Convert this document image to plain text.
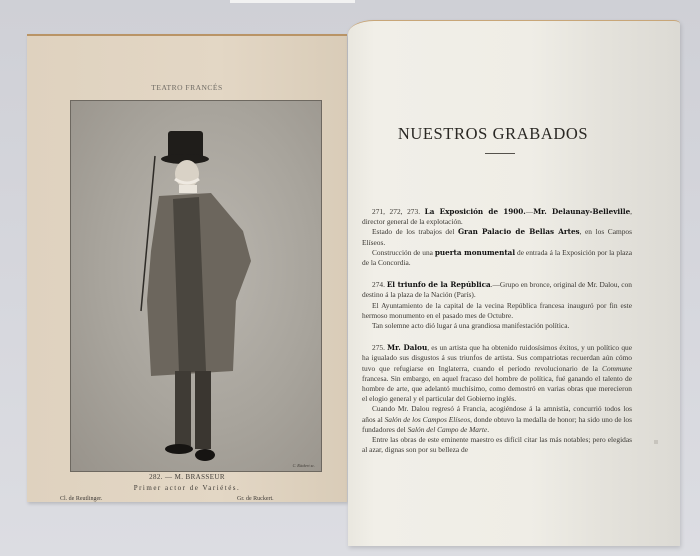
TEATRO FRANCÉS
C. Rückert sc.
282. — M. BRASSEUR
Primer actor de Variétés.
Cl. de Reutlinger.	Gr. de Ruckert.
NUESTROS GRABADOS

271, 272, 273. La Exposición de 1900.—Mr. Delaunay-Belleville, director general de la explotación.

Estado de los trabajos del Gran Palacio de Bellas Artes, en los Campos Elíseos.

Construcción de una puerta monumental de entrada á la Exposición por la plaza de la Concordia.

274. El triunfo de la República.—Grupo en bronce, original de Mr. Dalou, con destino á la plaza de la Nación (París).

El Ayuntamiento de la capital de la vecina República francesa inauguró por fin este hermoso monumento en el pasado mes de Octubre.

Tan solemne acto dió lugar á una grandiosa manifestación política.

275. Mr. Dalou, es un artista que ha obtenido ruidosísimos éxitos, y un político que ha igualado sus disgustos á sus triunfos de artista. Sus compatriotas recuerdan aún cómo tuvo que refugiarse en Inglaterra, cuando el período revolucionario de la Commune francesa. Sin embargo, en aquel fracaso del hombre de política, fué ganando el talento de hombre de arte, que adelantó muchísimo, como demostró en varias obras que merecieron el elogio general y el particular del Gobierno inglés.

Cuando Mr. Dalou regresó á Francia, acogiéndose á la amnistía, concurrió todos los años al Salón de los Campos Elíseos, donde obtuvo la medalla de honor; ha sido uno de los fundadores del Salón del Campo de Marte.

Entre las obras de este eminente maestro es difícil citar las más notables; pero elegidas al azar, dignas son por su belleza de
